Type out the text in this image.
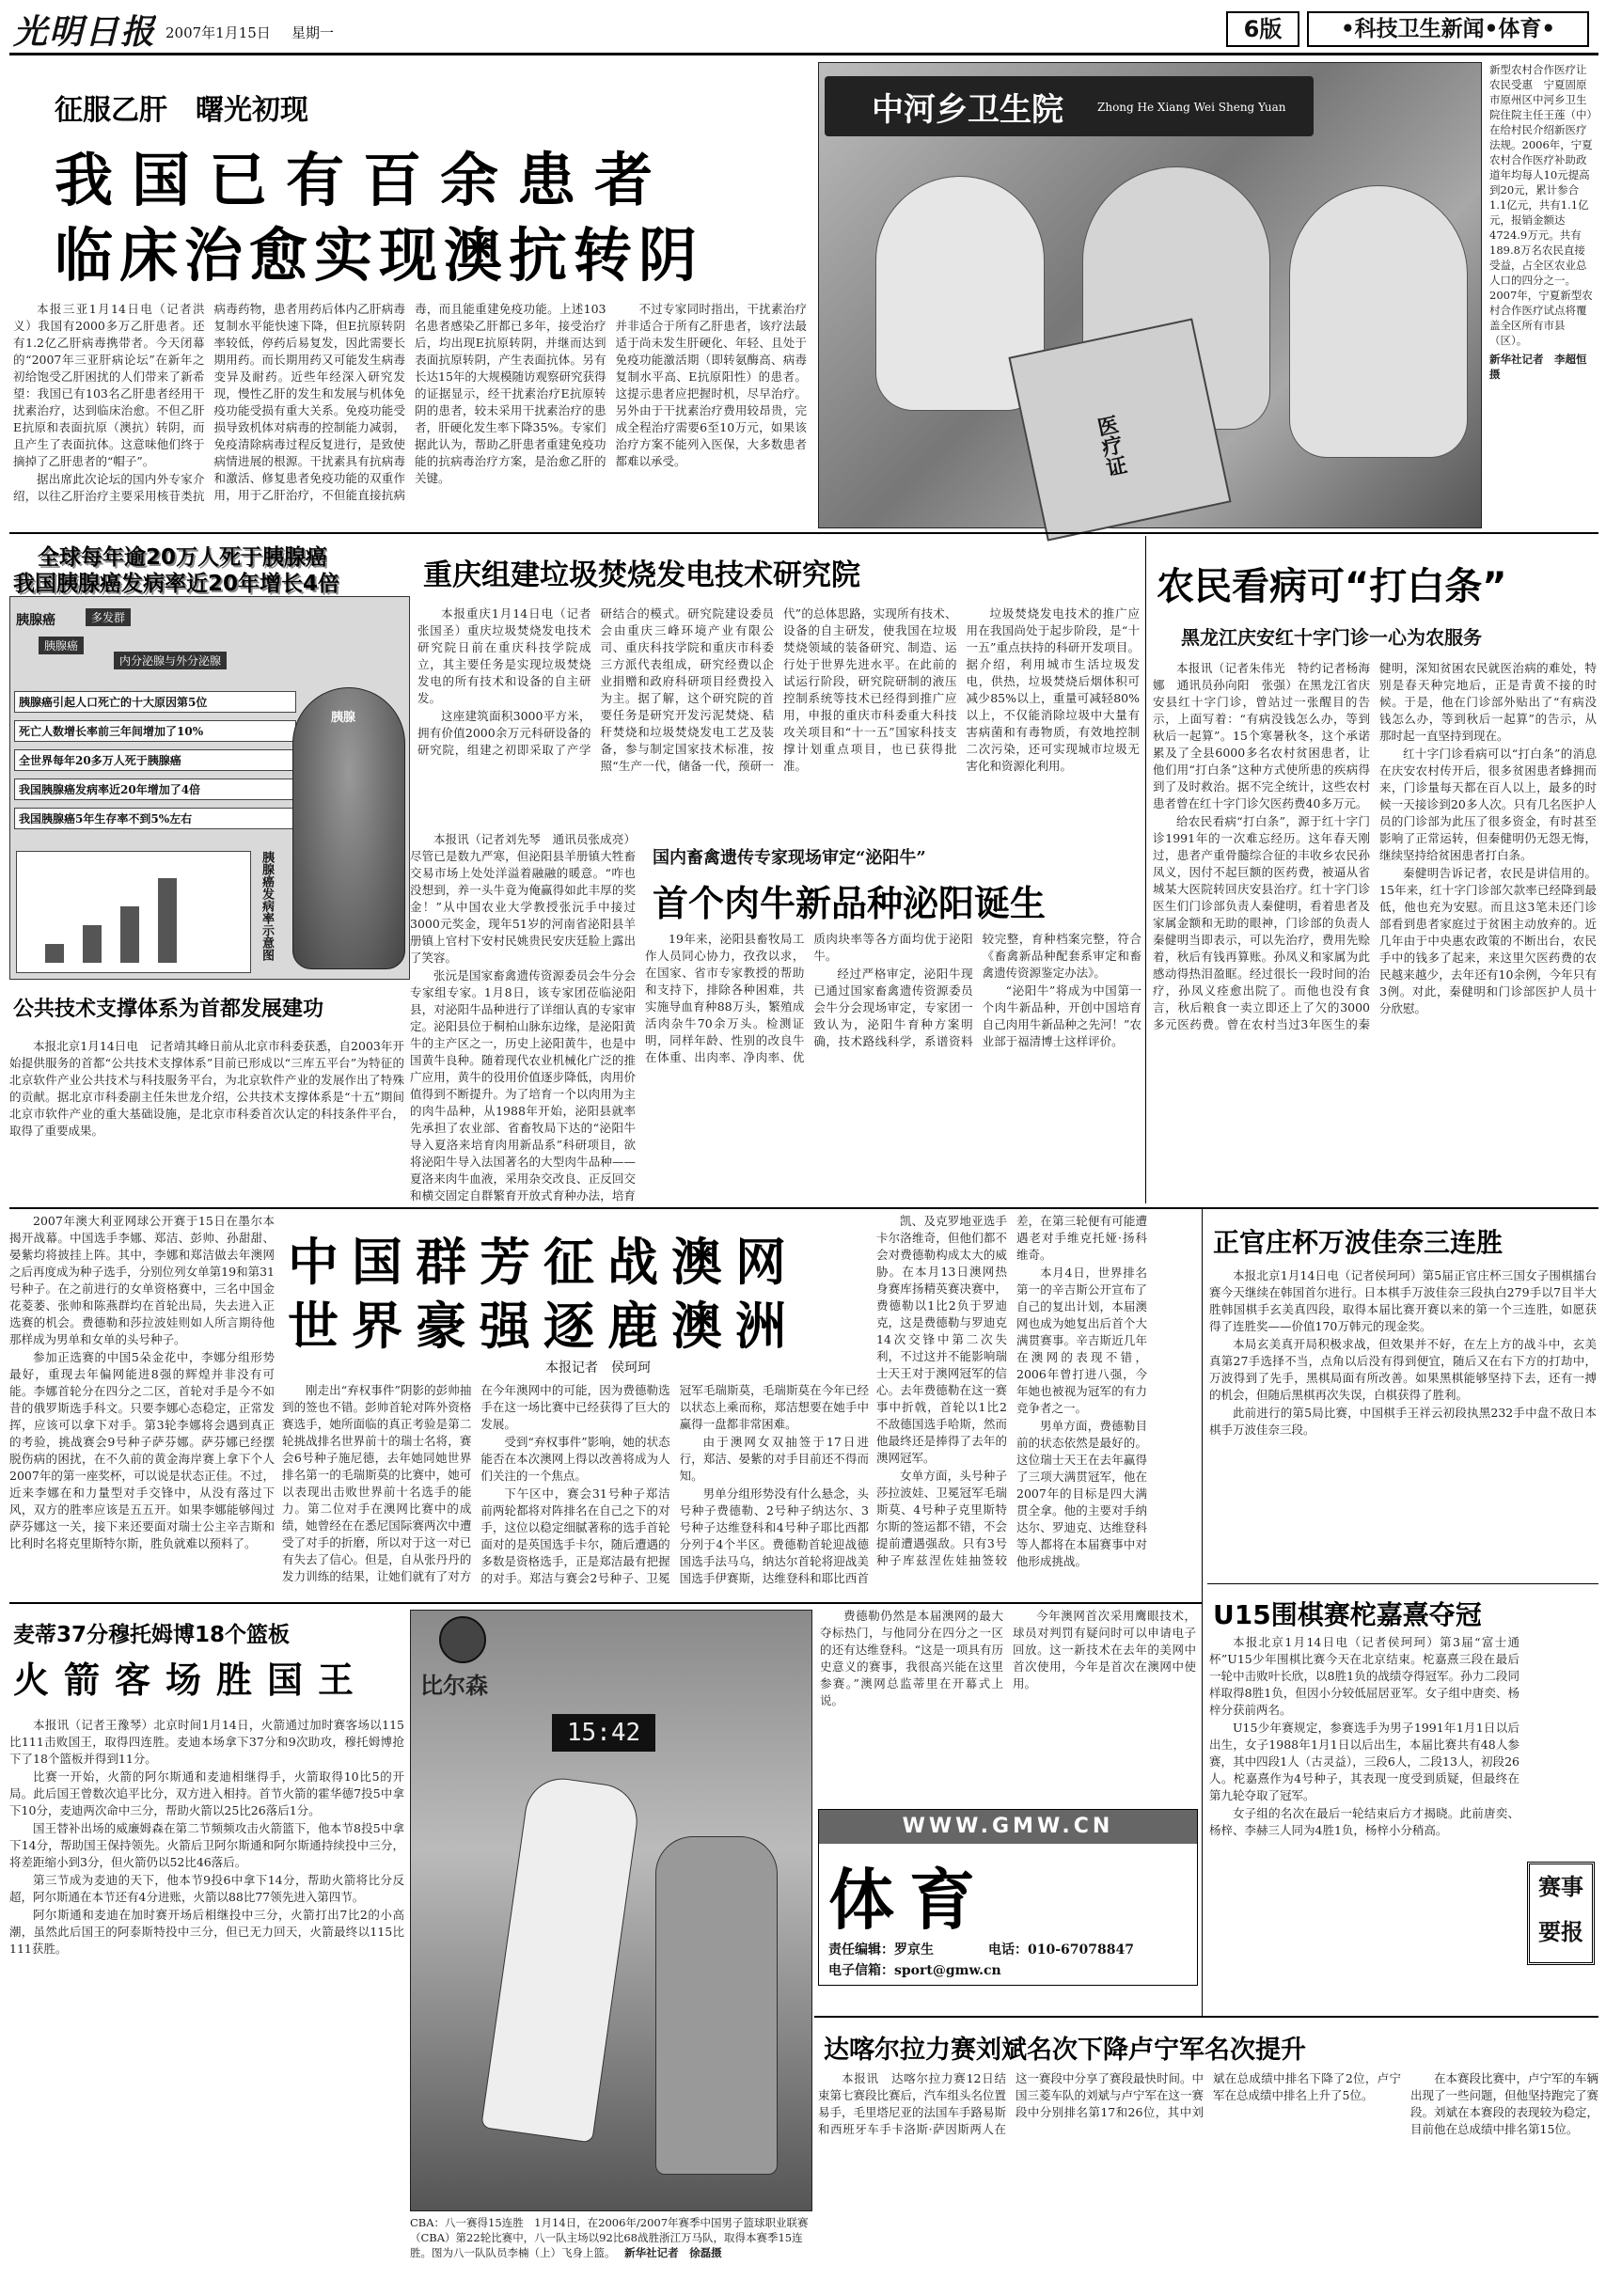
光明日报 2007年1月15日 星期一	6版	•科技卫生新闻•体育•
征服乙肝　曙光初现
我国已有百余患者
临床治愈实现澳抗转阴

本报三亚1月14日电（记者洪义）我国有2000多万乙肝患者。还有1.2亿乙肝病毒携带者。今天闭幕的“2007年三亚肝病论坛”在新年之初给饱受乙肝困扰的人们带来了新希望：我国已有103名乙肝患者经用干扰素治疗，达到临床治愈。不但乙肝E抗原和表面抗原（澳抗）转阴，而且产生了表面抗体。这意味他们终于摘掉了乙肝患者的“帽子”。

据出席此次论坛的国内外专家介绍，以往乙肝治疗主要采用核苷类抗病毒药物，患者用药后体内乙肝病毒复制水平能快速下降，但E抗原转阴率较低，停药后易复发，因此需要长期用药。而长期用药又可能发生病毒变异及耐药。近些年经深入研究发现，慢性乙肝的发生和发展与机体免疫功能受损有重大关系。免疫功能受损导致机体对病毒的控制能力减弱，免疫清除病毒过程反复进行，是致使病情进展的根源。干扰素具有抗病毒和激活、修复患者免疫功能的双重作用，用于乙肝治疗，不但能直接抗病毒，而且能重建免疫功能。上述103名患者感染乙肝都已多年，接受治疗后，均出现E抗原转阴，并继而达到表面抗原转阴，产生表面抗体。另有长达15年的大规模随访观察研究获得的证据显示，经干扰素治疗E抗原转阴的患者，较未采用干扰素治疗的患者，肝硬化发生率下降35%。专家们据此认为，帮助乙肝患者重建免疫功能的抗病毒治疗方案，是治愈乙肝的关键。

不过专家同时指出，干扰素治疗并非适合于所有乙肝患者，该疗法最适于尚未发生肝硬化、年轻、且处于免疫功能激活期（即转氨酶高、病毒复制水平高、E抗原阳性）的患者。这提示患者应把握时机，尽早治疗。另外由于干扰素治疗费用较昂贵，完成全程治疗需要6至10万元，如果该治疗方案不能列入医保，大多数患者都难以承受。

中河乡卫生院	Zhong He Xiang Wei Sheng Yuan
医疗证
新型农村合作医疗让农民受惠　宁夏固原市原州区中河乡卫生院住院主任王莲（中）在给村民介绍新医疗法规。2006年，宁夏农村合作医疗补助政道年均每人10元提高到20元，累计参合1.1亿元，共有1.1亿元，报销金额达4724.9万元。共有189.8万名农民直接受益，占全区农业总人口的四分之一。2007年，宁夏新型农村合作医疗试点将覆盖全区所有市县（区）。
新华社记者　李超恒摄
全球每年逾20万人死于胰腺癌
我国胰腺癌发病率近20年增长4倍
胰腺癌	多发群
胰腺癌
内分泌腺与外分泌腺
胰腺癌引起人口死亡的十大原因第5位
死亡人数增长率前三年间增加了10%
全世界每年20多万人死于胰腺癌
我国胰腺癌发病率近20年增加了4倍
我国胰腺癌5年生存率不到5%左右
胰腺
胰腺癌发病率示意图
重庆组建垃圾焚烧发电技术研究院

本报重庆1月14日电（记者张国圣）重庆垃圾焚烧发电技术研究院日前在重庆科技学院成立，其主要任务是实现垃圾焚烧发电的所有技术和设备的自主研发。

这座建筑面积3000平方米，拥有价值2000余万元科研设备的研究院，组建之初即采取了产学研结合的模式。研究院建设委员会由重庆三峰环境产业有限公司、重庆科技学院和重庆市科委三方派代表组成，研究经费以企业捐赠和政府科研项目经费投入为主。据了解，这个研究院的首要任务是研究开发污泥焚烧、秸秆焚烧和垃圾焚烧发电工艺及装备，参与制定国家技术标准，按照“生产一代，储备一代，预研一代”的总体思路，实现所有技术、设备的自主研发，使我国在垃圾焚烧领域的装备研究、制造、运行处于世界先进水平。在此前的试运行阶段，研究院研制的液压控制系统等技术已经得到推广应用，申报的重庆市科委重大科技攻关项目和“十一五”国家科技支撑计划重点项目，也已获得批准。

垃圾焚烧发电技术的推广应用在我国尚处于起步阶段，是“十一五”重点扶持的科研开发项目。据介绍，利用城市生活垃圾发电，供热，垃圾焚烧后烟体积可减少85%以上，重量可减轻80%以上，不仅能消除垃圾中大量有害病菌和有毒物质，有效地控制二次污染，还可实现城市垃圾无害化和资源化利用。

农民看病可“打白条”
黑龙江庆安红十字门诊一心为农服务

本报讯（记者朱伟光　特约记者杨海娜　通讯员孙向阳　张强）在黑龙江省庆安县红十字门诊，曾站过一张醒目的告示，上面写着：“有病没钱怎么办，等到秋后一起算”。15个寒暑秋冬，这个承诺累及了全县6000多名农村贫困患者，让他们用“打白条”这种方式使所患的疾病得到了及时救治。据不完全统计，这些农村患者曾在红十字门诊欠医药费40多万元。

给农民看病“打白条”，源于红十字门诊1991年的一次难忘经历。这年春天刚过，患者产重骨髓综合征的丰收乡农民孙凤义，因付不起巨额的医药费，被逼从省城某大医院转回庆安县治疗。红十字门诊医生们门诊部负责人秦健明，看着患者及家属金额和无助的眼神，门诊部的负责人秦健明当即表示，可以先治疗，费用先赊着，秋后有钱再算账。孙凤义和家属为此感动得热泪盈眶。经过很长一段时间的治疗，孙凤义痊愈出院了。而他也没有食言，秋后粮食一卖立即还上了欠的3000多元医药费。曾在农村当过3年医生的秦健明，深知贫困农民就医治病的难处，特别是春天种完地后，正是青黄不接的时候。于是，他在门诊部外贴出了“有病没钱怎么办，等到秋后一起算”的告示，从那时起一直坚持到现在。

红十字门诊看病可以“打白条”的消息在庆安农村传开后，很多贫困患者蜂拥而来，门诊量每天都在百人以上，最多的时候一天接诊到20多人次。只有几名医护人员的门诊部为此压了很多资金，有时甚至影响了正常运转，但秦健明仍无怨无悔，继续坚持给贫困患者打白条。

秦健明告诉记者，农民是讲信用的。15年来，红十字门诊部欠款率已经降到最低，他也充为安慰。而且这3笔未还门诊部看到患者家庭过于贫困主动放弃的。近几年由于中央惠农政策的不断出台，农民手中的钱多了起来，来这里欠医药费的农民越来越少，去年还有10余例，今年只有3例。对此，秦健明和门诊部医护人员十分欣慰。

本报讯（记者刘先琴　通讯员张成亮）尽管已是数九严寒，但泌阳县羊册镇大牲畜交易市场上处处洋溢着融融的暖意。“咋也没想到，养一头牛竟为俺赢得如此丰厚的奖金！”从中国农业大学教授张沅手中接过3000元奖金，现年51岁的河南省泌阳县羊册镇上官村下安村民姚贵民安庆廷脸上露出了笑容。

张沅是国家畜禽遗传资源委员会牛分会专家组专家。1月8日，该专家团莅临泌阳县，对泌阳牛品种进行了详细认真的专家审定。泌阳县位于桐柏山脉东边缘，是泌阳黄牛的主产区之一，历史上泌阳黄牛，也是中国黄牛良种。随着现代农业机械化广泛的推广应用，黄牛的役用价值逐步降低，肉用价值得到不断提升。为了培育一个以肉用为主的肉牛品种，从1988年开始，泌阳县就率先承担了农业部、省畜牧局下达的“泌阳牛导入夏洛来培育肉用新品系”科研项目，欲将泌阳牛导入法国著名的大型肉牛品种——夏洛来肉牛血液，采用杂交改良、正反回交和横交固定自群繁育开放式育种办法，培育

国内畜禽遗传专家现场审定“泌阳牛”
首个肉牛新品种泌阳诞生

19年来，泌阳县畜牧局工作人员同心协力，孜孜以求，在国家、省市专家教授的帮助和支持下，排除各种困难，共实施导血育种88万头，繁殖成活肉杂牛70余万头。检测证明，同样年龄、性别的改良牛在体重、出肉率、净肉率、优质肉块率等各方面均优于泌阳牛。

经过严格审定，泌阳牛现已通过国家畜禽遗传资源委员会牛分会现场审定，专家团一致认为，泌阳牛育种方案明确，技术路线科学，系谱资料较完整，育种档案完整，符合《畜禽新品种配套系审定和畜禽遗传资源鉴定办法》。

“泌阳牛”将成为中国第一个肉牛新品种，开创中国培育自己肉用牛新品种之先河！”农业部于福清博士这样评价。

公共技术支撑体系为首都发展建功

本报北京1月14日电　记者靖其峰日前从北京市科委获悉，自2003年开始提供服务的首都“公共技术支撑体系”目前已形成以“三库五平台”为特征的北京软件产业公共技术与科技服务平台，为北京软件产业的发展作出了特殊的贡献。据北京市科委副主任朱世龙介绍，公共技术支撑体系是“十五”期间北京市软件产业的重大基础设施，是北京市科委首次认定的科技条件平台，取得了重要成果。

2007年澳大利亚网球公开赛于15日在墨尔本揭开战幕。中国选手李娜、郑洁、彭帅、孙甜甜、晏紫均将披挂上阵。其中，李娜和郑洁做去年澳网之后再度成为种子选手，分别位列女单第19和第31号种子。在之前进行的女单资格赛中，三名中国金花菱萎、张帅和陈燕群均在首轮出局，失去进入正选赛的机会。费德勒和莎拉波娃则如人所言期待他那样成为男单和女单的头号种子。

参加正选赛的中国5朵金花中，李娜分组形势最好，重现去年偏网能进8强的辉煌并非没有可能。李娜首轮分在四分之二区，首轮对手是今不如昔的俄罗斯选手科文。只要李娜心态稳定，正常发挥，应该可以拿下对手。第3轮李娜将会遇到真正的考验，挑战赛会9号种子萨芬娜。萨芬娜已经摆脱伤病的困扰，在不久前的黄金海岸赛上拿下个人2007年的第一座奖杯，可以说是状态正佳。不过，近来李娜在和力量型对手交锋中，从没有落过下风，双方的胜率应该是五五开。如果李娜能够闯过萨芬娜这一关，接下来还要面对瑞士公主辛吉斯和比利时名将克里斯特尔斯，胜负就难以预料了。

中国群芳征战澳网
世界豪强逐鹿澳洲
本报记者　侯珂珂

刚走出“弃权事件”阴影的彭帅抽到的签也不错。彭帅首轮对阵外资格赛选手，她所面临的真正考验是第二轮挑战排名世界前十的瑞士名将，赛会6号种子施尼德，去年她同她世界排名第一的毛瑞斯莫的比赛中，她可以表现出击败世界前十名选手的能力。第二位对手在澳网比赛中的成绩，她曾经在在悉尼国际赛两次中遭受了对手的折磨，所以对于这一对已有失去了信心。但是，自从张丹丹的发力训练的结果，让她们就有了对方在今年澳网中的可能，因为费德勒选手在这一场比赛中已经获得了巨大的发展。

受到“弃权事件”影响，她的状态能否在本次澳网上得以改善将成为人们关注的一个焦点。

下午区中，赛会31号种子郑洁前两轮都将对阵排名在自己之下的对手，这位以稳定细腻著称的选手首轮面对的是英国选手卡尔，随后遭遇的多数是资格选手，正是郑洁最有把握的对手。郑洁与赛会2号种子、卫冕冠军毛瑞斯莫，毛瑞斯莫在今年已经以状态上乘而称，郑洁想要在她手中赢得一盘都非常困难。

由于澳网女双抽签于17日进行，郑洁、晏紫的对手目前还不得而知。

男单分组形势没有什么悬念，头号种子费德勒、2号种子纳达尔、3号种子达维登科和4号种子耶比西都分列于4个半区。费德勒首轮迎战德国选手法马乌，纳达尔首轮将迎战美国选手伊赛斯，达维登科和耶比西首

凯、及克罗地亚选手卡尔洛维奇，但他们都不会对费德勒构成太大的威胁。在本月13日澳网热身赛库扬精英赛决赛中，费德勒以1比2负于罗迪克，这是费德勒与罗迪克14次交锋中第二次失利，不过这并不能影响瑞士天王对于澳网冠军的信心。去年费德勒在这一赛事中折戟，首轮以1比2不敌德国选手哈斯，然而他最终还是捧得了去年的澳网冠军。

女单方面，头号种子莎拉波娃、卫冕冠军毛瑞斯莫、4号种子克里斯特尔斯的签运都不错，不会提前遭遇强敌。只有3号种子库兹涅佐娃抽签较差，在第三轮便有可能遭遇老对手维克托娅·扬科维奇。

本月4日，世界排名第一的辛吉斯公开宣布了自己的复出计划，本届澳网也成为她复出后首个大满贯赛事。辛吉斯近几年在澳网的表现不错，2006年曾打进八强，今年她也被视为冠军的有力竞争者之一。

男单方面，费德勒目前的状态依然是最好的。这位瑞士天王在去年赢得了三项大满贯冠军，他在2007年的目标是四大满贯全拿。他的主要对手纳达尔、罗迪克、达维登科等人都将在本届赛事中对他形成挑战。

正官庄杯万波佳奈三连胜

本报北京1月14日电（记者侯珂珂）第5届正官庄杯三国女子围棋擂台赛今天继续在韩国首尔进行。日本棋手万波佳奈三段执白279手以7目半大胜韩国棋手玄美真四段，取得本届比赛开赛以来的第一个三连胜，如愿获得了连胜奖——价值170万韩元的现金奖。

本局玄美真开局积极求战，但效果并不好，在左上方的战斗中，玄美真第27手选择不当，点角以后没有得到便宜，随后又在右下方的打劫中，万波得到了先手，黑棋局面有所改善。如果黑棋能够坚持下去，还有一搏的机会，但随后黑棋再次失误，白棋获得了胜利。

此前进行的第5局比赛，中国棋手王祥云初段执黑232手中盘不敌日本棋手万波佳奈三段。

U15围棋赛柁嘉熹夺冠

本报北京1月14日电（记者侯珂珂）第3届“富士通杯”U15少年围棋比赛今天在北京结束。柁嘉熹三段在最后一轮中击败叶长欣，以8胜1负的战绩夺得冠军。孙力二段同样取得8胜1负，但因小分较低屈居亚军。女子组中唐奕、杨梓分获前两名。

U15少年赛规定，参赛选手为男子1991年1月1日以后出生，女子1988年1月1日以后出生，本届比赛共有48人参赛，其中四段1人（古灵益），三段6人，二段13人，初段26人。柁嘉熹作为4号种子，其表现一度受到质疑，但最终在第九轮夺取了冠军。

女子组的名次在最后一轮结束后方才揭晓。此前唐奕、杨梓、李赫三人同为4胜1负，杨梓小分稍高。

赛事
要报
麦蒂37分穆托姆博18个篮板
火箭客场胜国王

本报讯（记者王豫琴）北京时间1月14日，火箭通过加时赛客场以115比111击败国王，取得四连胜。麦迪本场拿下37分和9次助攻，穆托姆博抢下了18个篮板并得到11分。

比赛一开始，火箭的阿尔斯通和麦迪相继得手，火箭取得10比5的开局。此后国王曾数次追平比分，双方进入相持。首节火箭的霍华德7投5中拿下10分，麦迪两次命中三分，帮助火箭以25比26落后1分。

国王替补出场的威廉姆森在第二节频频攻击火箭篮下，他本节8投5中拿下14分，帮助国王保持领先。火箭后卫阿尔斯通和阿尔斯通持续投中三分，将差距缩小到3分，但火箭仍以52比46落后。

第三节成为麦迪的天下，他本节9投6中拿下14分，帮助火箭将比分反超，阿尔斯通在本节还有4分进账，火箭以88比77领先进入第四节。

阿尔斯通和麦迪在加时赛开场后相继投中三分，火箭打出7比2的小高潮，虽然此后国王的阿泰斯特投中三分，但已无力回天，火箭最终以115比111获胜。

比尔森
15:42
CBA：八一赛得15连胜　1月14日，在2006年/2007年赛季中国男子篮球职业联赛（CBA）第22轮比赛中，八一队主场以92比68战胜浙江万马队，取得本赛季15连胜。图为八一队队员李楠（上）飞身上篮。 新华社记者　徐磊摄

费德勒仍然是本届澳网的最大夺标热门，与他同分在四分之一区的还有达维登科。“这是一项具有历史意义的赛事，我很高兴能在这里参赛。”澳网总监蒂里在开幕式上说。

今年澳网首次采用鹰眼技术，球员对判罚有疑问时可以申请电子回放。这一新技术在去年的美网中首次使用，今年是首次在澳网中使用。

WWW.GMW.CN
体育
责任编辑：罗京生	电话：010-67078847
电子信箱：sport@gmw.cn
达喀尔拉力赛刘斌名次下降卢宁军名次提升

本报讯　达喀尔拉力赛12日结束第七赛段比赛后，汽车组头名位置易手，毛里塔尼亚的法国车手路易斯和西班牙车手卡洛斯·萨因斯两人在这一赛段中分享了赛段最快时间。中国三菱车队的刘斌与卢宁军在这一赛段中分别排名第17和26位，其中刘斌在总成绩中排名下降了2位，卢宁军在总成绩中排名上升了5位。

在本赛段比赛中，卢宁军的车辆出现了一些问题，但他坚持跑完了赛段。刘斌在本赛段的表现较为稳定，目前他在总成绩中排名第15位。
